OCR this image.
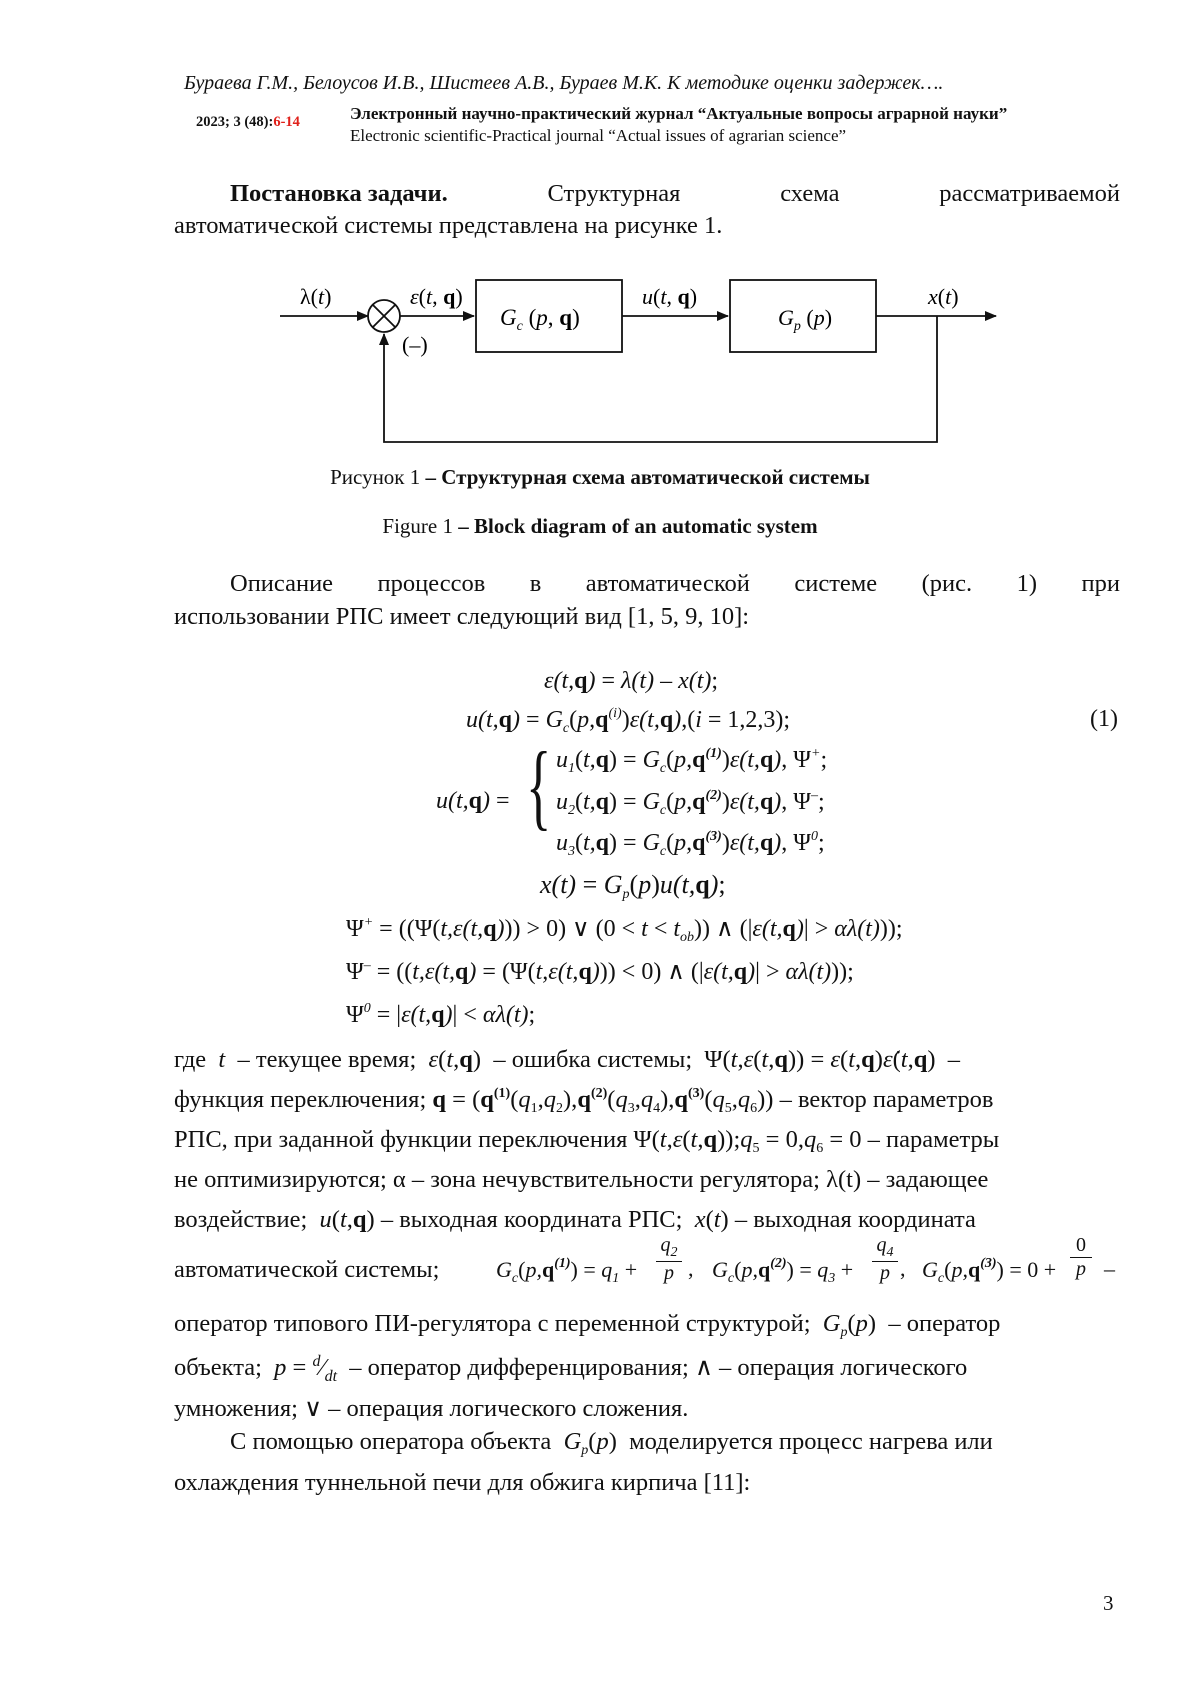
Бураева Г.М., Белоусов И.В., Шистеев А.В., Бураев М.К. К методике оценки задержек….
2023; 3 (48):6-14	Электронный научно-практический журнал “Актуальные вопросы аграрной науки”
Electronic scientific-Practical journal “Actual issues of agrarian science”
Постановка задачи.	Структурная	схема	рассматриваемой
автоматической системы представлена на рисунке 1.
λ(t)	ε(t, q)
(–)
$G_c$ (p, q)
u(t, q)
$G_p$ (p)
x(t)
Рисунок 1 – Структурная схема автоматической системы
Figure 1 – Block diagram of an automatic system
Описание процессов в автоматической системе (рис. 1) при
использовании РПС имеет следующий вид [1, 5, 9, 10]:
ε(t,q) = λ(t) – x(t);
$u(t,q) = G_c(p,q^{(i)})\varepsilon(t,q),(i = 1,2,3)$;	(1)
u(t,q) = { $u_1(t,q) = G_c(p,q^{(1)})\varepsilon(t,q)$, Ψ+;
$u_2(t,q) = G_c(p,q^{(2)})\varepsilon(t,q)$, Ψ–;
$u_3(t,q) = G_c(p,q^{(3)})\varepsilon(t,q)$, $\Psi^0$;
$x(t) = G_p(p)u(t,q)$;
Ψ+ = ((Ψ(t,ε(t,q))) > 0) ∨ $(0 < t < t_{ob})$) ∧ (|ε(t,q)| > αλ(t)));
Ψ– = ((t,ε(t,q) = (Ψ(t,ε(t,q))) < 0) ∧ (|ε(t,q)| > αλ(t)));
$\Psi^0 = |\varepsilon(t,q)| < \alpha\lambda(t)$;
где t – текущее время; ε(t,q)  – ошибка системы;  Ψ(t,ε(t,q)) = ε(t,q)ε̇(t,q)  –
функция переключения; $q = (q^{(1)}(q_1,q_2),q^{(2)}(q_3,q_4),q^{(3)}(q_5,q_6))$ – вектор параметров
РПС, при заданной функции переключения $\Psi(t,\varepsilon(t,q));q_5 = 0,q_6 = 0$ – параметры
не оптимизируются; α – зона нечувствительности регулятора; λ(t) – задающее
воздействие; u(t,q) – выходная координата РПС; x(t) – выходная координата
автоматической системы;	$G_c(p,q^{(1)}) = q_1$ +
$q_2$
p , $G_c(p,q^{(2)}) = q_3$ +
$q_4$
p , $G_c(p,q^{(3)}) = 0$ +
0
p –
оператор типового ПИ-регулятора с переменной структурой; $G_p(p)$  – оператор
объекта; $p = ^d⁄_{dt}$ – оператор дифференцирования; ∧ – операция логического
умножения; ∨ – операция логического сложения.
С помощью оператора объекта $G_p(p)$  моделируется процесс нагрева или
охлаждения туннельной печи для обжига кирпича [11]:
3
